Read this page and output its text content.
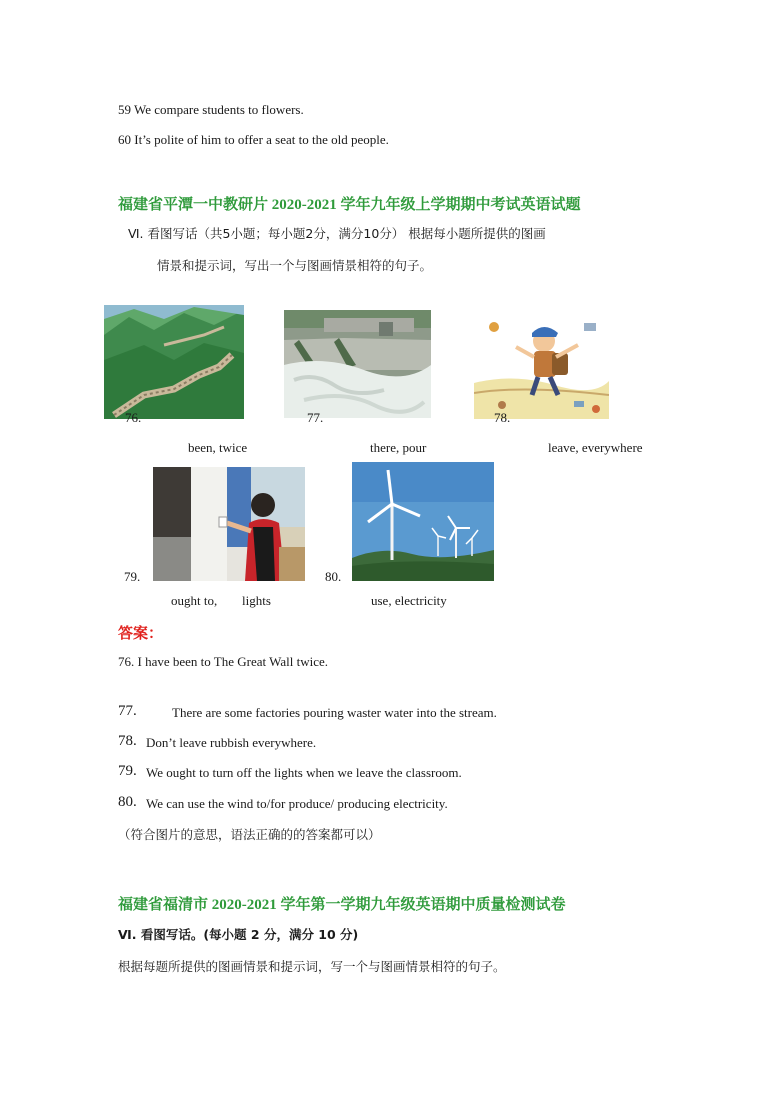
59 We compare students to flowers.
60 It’s polite of him to offer a seat to the old people.
福建省平潭一中教研片 2020-2021 学年九年级上学期期中考试英语试题
Ⅵ. 看图写话（共5小题；每小题2分，满分10分） 根据每小题所提供的图画
情景和提示词，写出一个与图画情景相符的句子。
76.	77.	78.
been, twice	there, pour	leave, everywhere
79.	80.
ought to, lights	use, electricity
答案：
76. I have been to The Great Wall twice.
77.	There are some factories pouring waster water into the stream.
78. Don’t leave rubbish everywhere.
79. We ought to turn off the lights when we leave the classroom.
80. We can use the wind to/for produce/ producing electricity.
（符合图片的意思，语法正确的的答案都可以）
福建省福清市 2020-2021 学年第一学期九年级英语期中质量检测试卷
Ⅵ. 看图写话。(每小题 2 分，满分 10 分)
根据每题所提供的图画情景和提示词，写一个与图画情景相符的句子。
